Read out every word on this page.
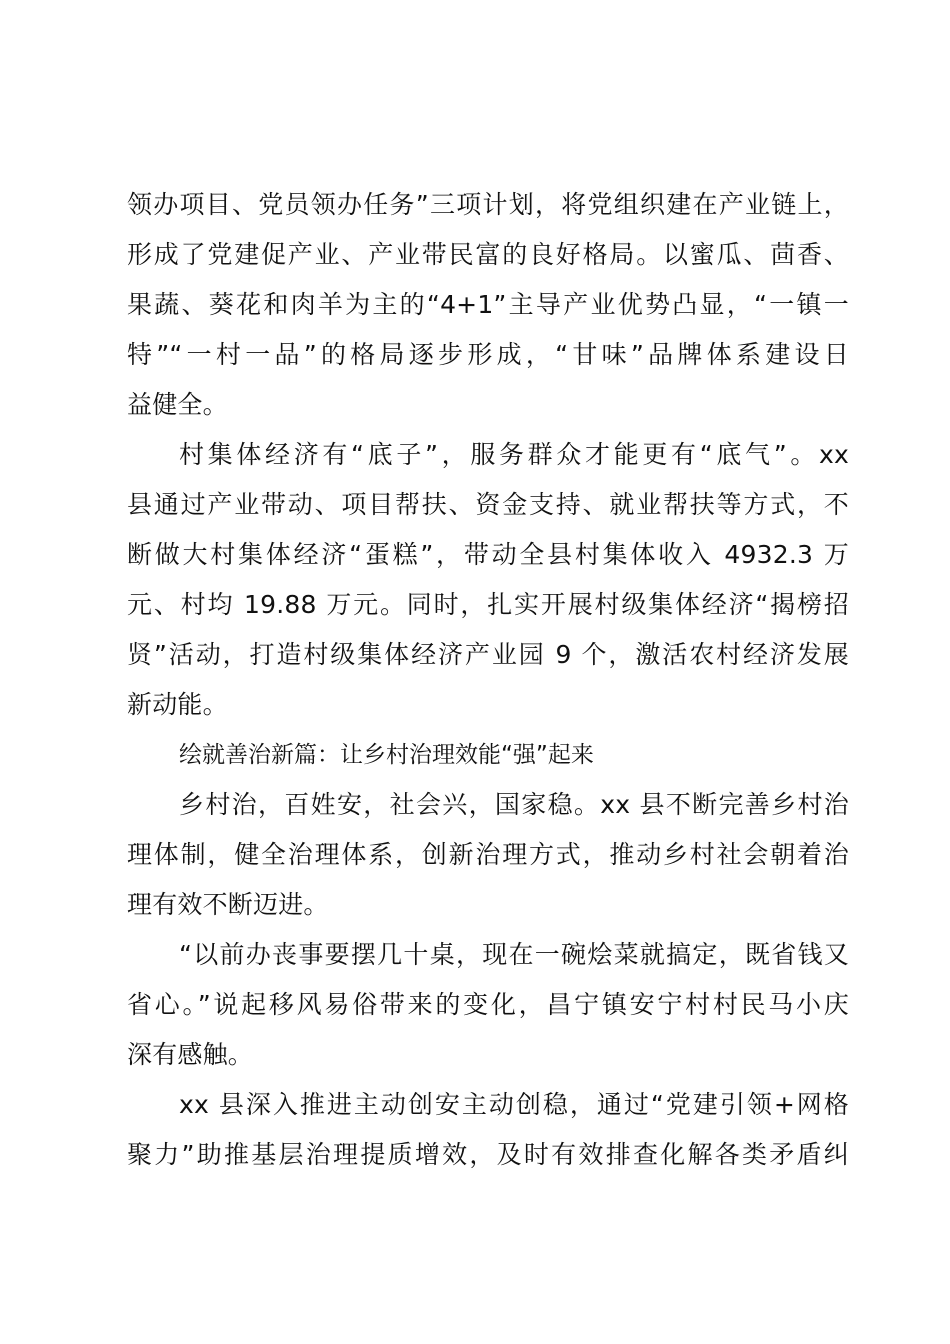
领办项目、党员领办任务”三项计划，将党组织建在产业链上，
形成了党建促产业、产业带民富的良好格局。以蜜瓜、茴香、
果蔬、葵花和肉羊为主的“4+1”主导产业优势凸显，“一镇一
特”“一村一品”的格局逐步形成，“甘味”品牌体系建设日
益健全。
村集体经济有“底子”，服务群众才能更有“底气”。xx
县通过产业带动、项目帮扶、资金支持、就业帮扶等方式，不
断做大村集体经济“蛋糕”，带动全县村集体收入 4932.3 万
元、村均 19.88 万元。同时，扎实开展村级集体经济“揭榜招
贤”活动，打造村级集体经济产业园 9 个，激活农村经济发展
新动能。
绘就善治新篇：让乡村治理效能“强”起来
乡村治，百姓安，社会兴，国家稳。xx 县不断完善乡村治
理体制，健全治理体系，创新治理方式，推动乡村社会朝着治
理有效不断迈进。
“以前办丧事要摆几十桌，现在一碗烩菜就搞定，既省钱又
省心。”说起移风易俗带来的变化，昌宁镇安宁村村民马小庆
深有感触。
xx 县深入推进主动创安主动创稳，通过“党建引领+网格
聚力”助推基层治理提质增效，及时有效排查化解各类矛盾纠
